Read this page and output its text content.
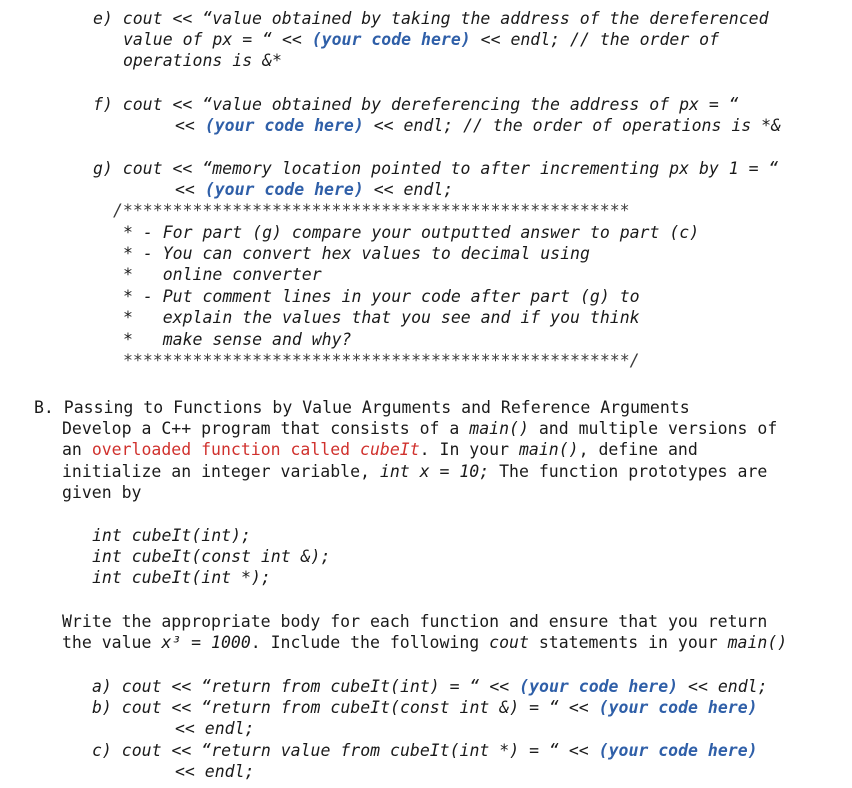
e) cout << “value obtained by taking the address of the dereferenced
value of px = “ << (your code here) << endl; // the order of
operations is &*
f) cout << “value obtained by dereferencing the address of px = “
<< (your code here) << endl; // the order of operations is *&
g) cout << “memory location pointed to after incrementing px by 1 = “
<< (your code here) << endl;
/***************************************************
* - For part (g) compare your outputted answer to part (c)
* - You can convert hex values to decimal using
*   online converter
* - Put comment lines in your code after part (g) to
*   explain the values that you see and if you think
*   make sense and why?
***************************************************/
B. Passing to Functions by Value Arguments and Reference Arguments
Develop a C++ program that consists of a main() and multiple versions of
an overloaded function called cubeIt. In your main(), define and
initialize an integer variable, int x = 10; The function prototypes are
given by
int cubeIt(int);
int cubeIt(const int &);
int cubeIt(int *);
Write the appropriate body for each function and ensure that you return
the value x³ = 1000. Include the following cout statements in your main()
a) cout << “return from cubeIt(int) = “ << (your code here) << endl;
b) cout << “return from cubeIt(const int &) = “ << (your code here)
<< endl;
c) cout << “return value from cubeIt(int *) = “ << (your code here)
<< endl;
